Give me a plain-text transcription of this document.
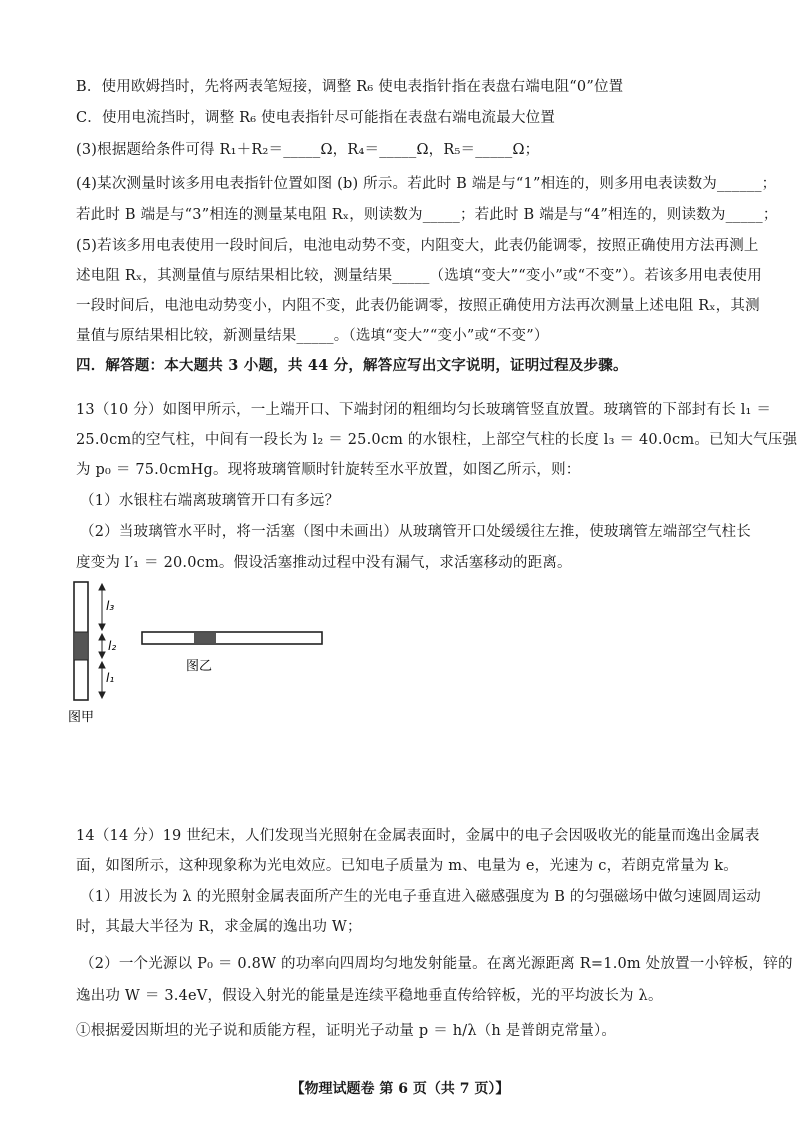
B．使用欧姆挡时，先将两表笔短接，调整 R₆ 使电表指针指在表盘右端电阻“0”位置
C．使用电流挡时，调整 R₆ 使电表指针尽可能指在表盘右端电流最大位置
(3)根据题给条件可得 R₁＋R₂＝_____Ω，R₄＝_____Ω，R₅＝_____Ω；
(4)某次测量时该多用电表指针位置如图 (b) 所示。若此时 B 端是与“1”相连的，则多用电表读数为______；
若此时 B 端是与“3”相连的测量某电阻 Rₓ，则读数为_____；若此时 B 端是与“4”相连的，则读数为_____；
(5)若该多用电表使用一段时间后，电池电动势不变，内阻变大，此表仍能调零，按照正确使用方法再测上
述电阻 Rₓ，其测量值与原结果相比较，测量结果_____（选填“变大”“变小”或“不变”）。若该多用电表使用
一段时间后，电池电动势变小，内阻不变，此表仍能调零，按照正确使用方法再次测量上述电阻 Rₓ，其测
量值与原结果相比较，新测量结果_____。（选填“变大”“变小”或“不变”）
四．解答题：本大题共 3 小题，共 44 分，解答应写出文字说明，证明过程及步骤。
13（10 分）如图甲所示，一上端开口、下端封闭的粗细均匀长玻璃管竖直放置。玻璃管的下部封有长 l₁ ＝
25.0cm的空气柱，中间有一段长为 l₂ ＝ 25.0cm 的水银柱，上部空气柱的长度 l₃ ＝ 40.0cm。已知大气压强
为 p₀ ＝ 75.0cmHg。现将玻璃管顺时针旋转至水平放置，如图乙所示，则：
（1）水银柱右端离玻璃管开口有多远？
（2）当玻璃管水平时，将一活塞（图中未画出）从玻璃管开口处缓缓往左推，使玻璃管左端部空气柱长
度变为 l′₁ ＝ 20.0cm。假设活塞推动过程中没有漏气，求活塞移动的距离。
l₃
l₂
l₁
图甲
图乙
14（14 分）19 世纪末，人们发现当光照射在金属表面时，金属中的电子会因吸收光的能量而逸出金属表
面，如图所示，这种现象称为光电效应。已知电子质量为 m、电量为 e，光速为 c，若朗克常量为 k。
（1）用波长为 λ 的光照射金属表面所产生的光电子垂直进入磁感强度为 B 的匀强磁场中做匀速圆周运动
时，其最大半径为 R，求金属的逸出功 W；
（2）一个光源以 P₀ ＝ 0.8W 的功率向四周均匀地发射能量。在离光源距离 R=1.0m 处放置一小锌板，锌的
逸出功 W ＝ 3.4eV，假设入射光的能量是连续平稳地垂直传给锌板，光的平均波长为 λ。
①根据爱因斯坦的光子说和质能方程，证明光子动量 p ＝ h/λ（h 是普朗克常量）。
【物理试题卷 第 6 页（共 7 页）】
